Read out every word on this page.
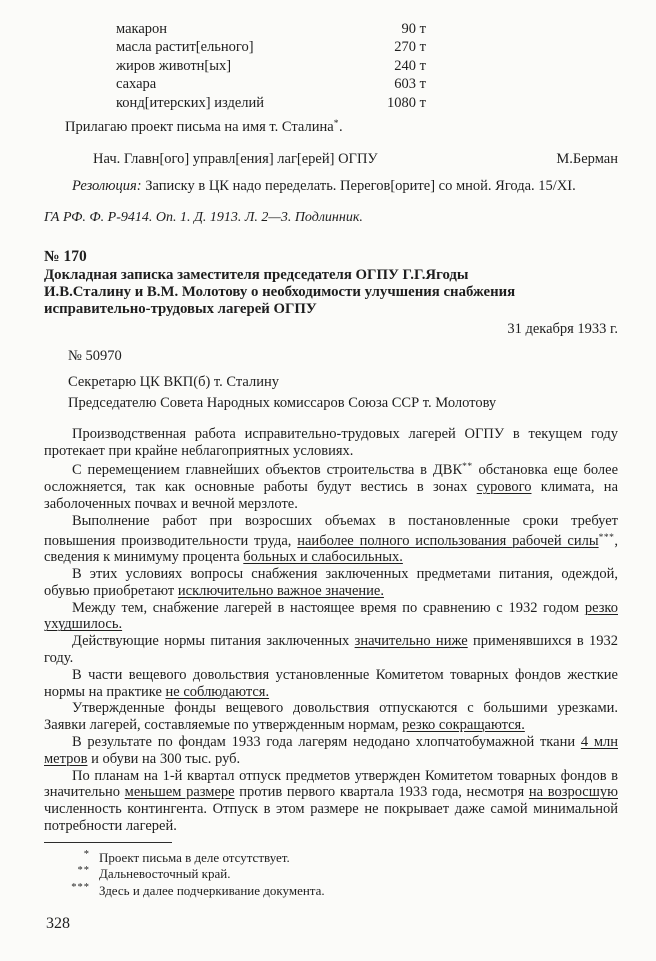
макарон	90 т
масла растит[ельного]	270 т
жиров животн[ых]	240 т
сахара	603 т
конд[итерских] изделий	1080 т

Прилагаю проект письма на имя т. Сталина*.

Нач. Главн[ого] управл[ения] лаг[ерей] ОГПУ	М.Берман

Резолюция: Записку в ЦК надо переделать. Перегов[орите] со мной. Ягода. 15/XI.

ГА РФ. Ф. Р-9414. Оп. 1. Д. 1913. Л. 2—3. Подлинник.

№ 170
Докладная записка заместителя председателя ОГПУ Г.Г.Ягоды
И.В.Сталину и В.М. Молотову о необходимости улучшения снабжения
исправительно-трудовых лагерей ОГПУ
31 декабря 1933 г.
№ 50970
Секретарю ЦК ВКП(б) т. Сталину
Председателю Совета Народных комиссаров Союза ССР т. Молотову

Производственная работа исправительно-трудовых лагерей ОГПУ в текущем году протекает при крайне неблагоприятных условиях.

С перемещением главнейших объектов строительства в ДВК** обстановка еще более осложняется, так как основные работы будут вестись в зонах сурового климата, на заболоченных почвах и вечной мерзлоте.

Выполнение работ при возросших объемах в постановленные сроки требует повышения производительности труда, наиболее полного использования рабочей силы***, сведения к минимуму процента больных и слабосильных.

В этих условиях вопросы снабжения заключенных предметами питания, одеждой, обувью приобретают исключительно важное значение.

Между тем, снабжение лагерей в настоящее время по сравнению с 1932 годом резко ухудшилось.

Действующие нормы питания заключенных значительно ниже применявшихся в 1932 году.

В части вещевого довольствия установленные Комитетом товарных фондов жесткие нормы на практике не соблюдаются.

Утвержденные фонды вещевого довольствия отпускаются с большими урезками. Заявки лагерей, составляемые по утвержденным нормам, резко сокращаются.

В результате по фондам 1933 года лагерям недодано хлопчатобумажной ткани 4 млн метров и обуви на 300 тыс. руб.

По планам на 1-й квартал отпуск предметов утвержден Комитетом товарных фондов в значительно меньшем размере против первого квартала 1933 года, несмотря на возросшую численность контингента. Отпуск в этом размере не покрывает даже самой минимальной потребности лагерей.

* Проект письма в деле отсутствует.
** Дальневосточный край.
*** Здесь и далее подчеркивание документа.
328
